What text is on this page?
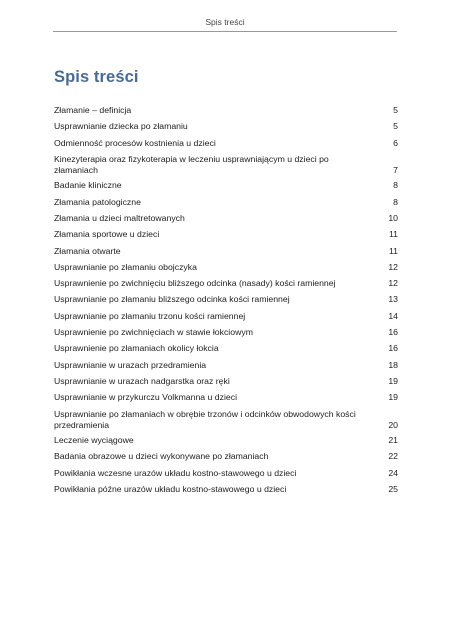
Spis treści
Spis treści
Złamanie – definicja	5
Usprawnianie dziecka po złamaniu	5
Odmienność procesów kostnienia u dzieci	6
Kinezyterapia oraz fizykoterapia w leczeniu usprawniającym u dzieci po złamaniach	7
Badanie kliniczne	8
Złamania patologiczne	8
Złamania u dzieci maltretowanych	10
Złamania sportowe u dzieci	11
Złamania otwarte	11
Usprawnianie po złamaniu obojczyka	12
Usprawnienie po zwichnięciu bliższego odcinka (nasady) kości ramiennej	12
Usprawnianie po złamaniu bliższego odcinka kości ramiennej	13
Usprawnianie po złamaniu trzonu kości ramiennej	14
Usprawnienie po zwichnięciach w stawie łokciowym	16
Usprawnienie po złamaniach okolicy łokcia	16
Usprawnianie w urazach przedramienia	18
Usprawnianie w urazach nadgarstka oraz ręki	19
Usprawnianie w przykurczu Volkmanna u dzieci	19
Usprawnianie po złamaniach w obrębie trzonów i odcinków obwodowych kości przedramienia	20
Leczenie wyciągowe	21
Badania obrazowe u dzieci wykonywane po złamaniach	22
Powikłania wczesne urazów układu kostno-stawowego u dzieci	24
Powikłania późne urazów układu kostno-stawowego u dzieci	25
